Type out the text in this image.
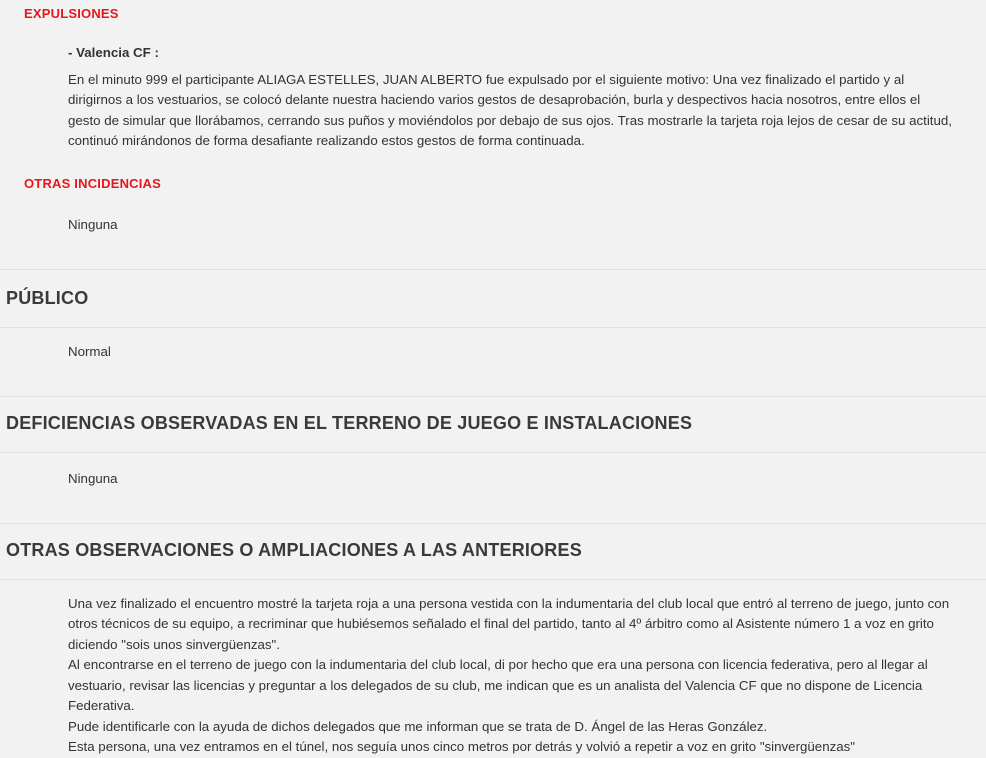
EXPULSIONES
- Valencia CF :
En el minuto 999 el participante ALIAGA ESTELLES, JUAN ALBERTO fue expulsado por el siguiente motivo: Una vez finalizado el partido y al dirigirnos a los vestuarios, se colocó delante nuestra haciendo varios gestos de desaprobación, burla y despectivos hacia nosotros, entre ellos el gesto de simular que llorábamos, cerrando sus puños y moviéndolos por debajo de sus ojos. Tras mostrarle la tarjeta roja lejos de cesar de su actitud, continuó mirándonos de forma desafiante realizando estos gestos de forma continuada.
OTRAS INCIDENCIAS
Ninguna
PÚBLICO
Normal
DEFICIENCIAS OBSERVADAS EN EL TERRENO DE JUEGO E INSTALACIONES
Ninguna
OTRAS OBSERVACIONES O AMPLIACIONES A LAS ANTERIORES
Una vez finalizado el encuentro mostré la tarjeta roja a una persona vestida con la indumentaria del club local que entró al terreno de juego, junto con otros técnicos de su equipo, a recriminar que hubiésemos señalado el final del partido, tanto al 4º árbitro como al Asistente número 1 a voz en grito diciendo "sois unos sinvergüenzas".
Al encontrarse en el terreno de juego con la indumentaria del club local, di por hecho que era una persona con licencia federativa, pero al llegar al vestuario, revisar las licencias y preguntar a los delegados de su club, me indican que es un analista del Valencia CF que no dispone de Licencia Federativa.
Pude identificarle con la ayuda de dichos delegados que me informan que se trata de D. Ángel de las Heras González.
Esta persona, una vez entramos en el túnel, nos seguía unos cinco metros por detrás y volvió a repetir a voz en grito "sinvergüenzas"
